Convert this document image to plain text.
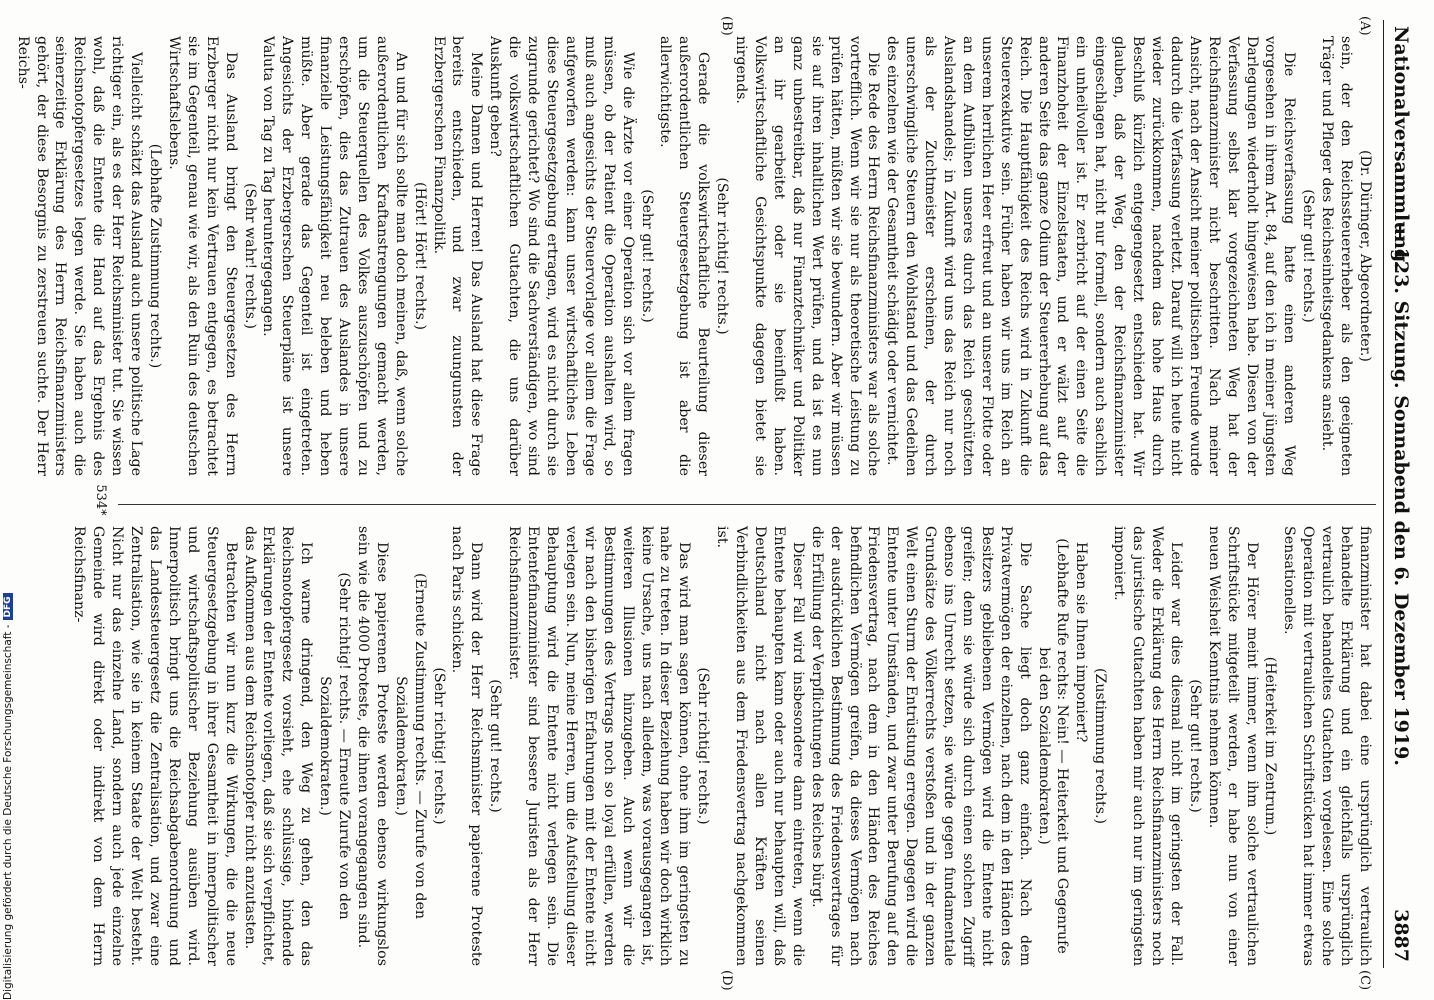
Nationalversammlung.
— 123. Sitzung. Sonnabend den 6. Dezember 1919.
3887
(A)
(B)
(C)
(D)

(Dr. Düringer, Abgeordneter.)

sein, der den Reichssteuererheber als den geeigneten Träger und Pfleger des Reichseinheitsgedankens ansieht.

(Sehr gut! rechts.)

Die Reichsverfassung hatte einen anderen Weg vorgesehen in ihrem Art. 84, auf den ich in meiner jüngsten Darlegungen wiederholt hingewiesen habe. Diesen von der Verfassung selbst klar vorgezeichneten Weg hat der Reichsfinanzminister nicht beschritten. Nach meiner Ansicht, nach der Ansicht meiner politischen Freunde wurde dadurch die Verfassung verletzt. Darauf will ich heute nicht wieder zurückkommen, nachdem das hohe Haus durch Beschluß kürzlich entgegengesetzt entschieden hat. Wir glauben, daß der Weg, den der Reichsfinanzminister eingeschlagen hat, nicht nur formell, sondern auch sachlich ein unheilvoller ist. Er zerbricht auf der einen Seite die Finanzhoheit der Einzelstaaten, und er wälzt auf der anderen Seite das ganze Odium der Steuererhebung auf das Reich. Die Hauptfähigkeit des Reichs wird in Zukunft die Steuerexekutive sein. Früher haben wir uns im Reich an unserem herrlichen Heer erfreut und an unserer Flotte oder an dem Aufblühen unseres durch das Reich geschützten Auslandshandels; in Zukunft wird uns das Reich nur noch als der Zuchtmeister erscheinen, der durch unerschwingliche Steuern den Wohlstand und das Gedeihen des einzelnen wie der Gesamtheit schädigt oder vernichtet.

Die Rede des Herrn Reichsfinanzministers war als solche vortrefflich. Wenn wir sie nur als theoretische Leistung zu prüfen hätten, müßten wir sie bewundern. Aber wir müssen sie auf ihren inhaltlichen Wert prüfen, und da ist es nun ganz unbestreitbar, daß nur Finanztechniker und Politiker an ihr gearbeitet oder sie beeinflußt haben. Volkswirtschaftliche Gesichtspunkte dagegen bietet sie nirgends.

(Sehr richtig! rechts.)

Gerade die volkswirtschaftliche Beurteilung dieser außerordentlichen Steuergesetzgebung ist aber die allerwichtigste.

(Sehr gut! rechts.)

Wie die Ärzte vor einer Operation sich vor allem fragen müssen, ob der Patient die Operation aushalten wird, so muß auch angesichts der Steuervorlage vor allem die Frage aufgeworfen werden: kann unser wirtschaftliches Leben diese Steuergesetzgebung ertragen, wird es nicht durch sie zugrunde gerichtet? Wo sind die Sachverständigen, wo sind die volkswirtschaftlichen Gutachten, die uns darüber Auskunft geben?

Meine Damen und Herren! Das Ausland hat diese Frage bereits entschieden, und zwar zuungunsten der Erzbergerschen Finanzpolitik.

(Hört! Hört! rechts.)

An und für sich sollte man doch meinen, daß, wenn solche außerordentlichen Kraftanstrengungen gemacht werden, um die Steuerquellen des Volkes auszuschöpfen und zu erschöpfen, dies das Zutrauen des Auslandes in unsere finanzielle Leistungsfähigkeit neu beleben und heben müßte. Aber gerade das Gegenteil ist eingetreten. Angesichts der Erzbergerschen Steuerpläne ist unsere Valuta von Tag zu Tag heruntergegangen.

(Sehr wahr! rechts.)

Das Ausland bringt den Steuergesetzen des Herrn Erzberger nicht nur kein Vertrauen entgegen, es betrachtet sie im Gegenteil, genau wie wir, als den Ruin des deutschen Wirtschaftslebens.

(Lebhafte Zustimmung rechts.)

Vielleicht schätzt das Ausland auch unsere politische Lage richtiger ein, als es der Herr Reichsminister tut. Sie wissen wohl, daß die Entente die Hand auf das Ergebnis des Reichsnotopfergesetzes legen werde. Sie haben auch die seinerzeitige Erklärung des Herrn Reichsfinanzministers gehört, der diese Besorgnis zu zerstreuen suchte. Der Herr Reichs-

finanzminister hat dabei eine ursprünglich vertraulich behandelte Erklärung und ein gleichfalls ursprünglich vertraulich behandeltes Gutachten vorgelesen. Eine solche Operation mit vertraulichen Schriftstücken hat immer etwas Sensationelles.

(Heiterkeit im Zentrum.)

Der Hörer meint immer, wenn ihm solche vertraulichen Schriftstücke mitgeteilt werden, er habe nun von einer neuen Weisheit Kenntnis nehmen können.

(Sehr gut! rechts.)

Leider war dies diesmal nicht im geringsten der Fall. Weder die Erklärung des Herrn Reichsfinanzministers noch das juristische Gutachten haben mir auch nur im geringsten imponiert.

(Zustimmung rechts.)

Haben sie Ihnen imponiert?

(Lebhafte Rufe rechts: Nein! — Heiterkeit und Gegenrufe bei den Sozialdemokraten.)

Die Sache liegt doch ganz einfach. Nach dem Privatvermögen der einzelnen, nach dem in den Händen des Besitzers gebliebenen Vermögen wird die Entente nicht greifen; denn sie würde sich durch einen solchen Zugriff ebenso ins Unrecht setzen, sie würde gegen fundamentale Grundsätze des Völkerrechts verstoßen und in der ganzen Welt einen Sturm der Entrüstung erregen. Dagegen wird die Entente unter Umständen, und zwar unter Berufung auf den Friedensvertrag, nach dem in den Händen des Reiches befindlichen Vermögen greifen, da dieses Vermögen nach der ausdrücklichen Bestimmung des Friedensvertrages für die Erfüllung der Verpflichtungen des Reiches bürgt.

Dieser Fall wird insbesondere dann eintreten, wenn die Entente behaupten kann oder auch nur behaupten will, daß Deutschland nicht nach allen Kräften seinen Verbindlichkeiten aus dem Friedensvertrag nachgekommen ist.

(Sehr richtig! rechts.)

Das wird man sagen können, ohne ihm im geringsten zu nahe zu treten. In dieser Beziehung haben wir doch wirklich keine Ursache, uns nach alledem, was vorausgegangen ist, weiteren Illusionen hinzugeben. Auch wenn wir die Bestimmungen des Vertrags noch so loyal erfüllen, werden wir nach den bisherigen Erfahrungen mit der Entente nicht verlegen sein. Nun, meine Herren, um die Aufstellung dieser Behauptung wird die Entente nicht verlegen sein. Die Ententefinanzminister sind bessere Juristen als der Herr Reichsfinanzminister.

(Sehr gut! rechts.)

Dann wird der Herr Reichsminister papierene Proteste nach Paris schicken.

(Sehr richtig! rechts.)

(Erneute Zustimmung rechts. — Zurufe von den Sozialdemokraten.)

Diese papierenen Proteste werden ebenso wirkungslos sein wie die 4000 Proteste, die ihnen vorangegangen sind.

(Sehr richtig! rechts. — Erneute Zurufe von den Sozialdemokraten.)

Ich warne dringend, den Weg zu gehen, den das Reichsnotopfergesetz vorsieht, ehe schlüssige, bindende Erklärungen der Entente vorliegen, daß sie sich verpflichtet, das Aufkommen aus dem Reichsnotopfer nicht anzutasten.

Betrachten wir nun kurz die Wirkungen, die die neue Steuergesetzgebung in ihrer Gesamtheit in innerpolitischer und wirtschaftspolitischer Beziehung ausüben wird. Innerpolitisch bringt uns die Reichsabgabenordnung und das Landessteuergesetz die Zentralisation, und zwar eine Zentralisation, wie sie in keinem Staate der Welt besteht. Nicht nur das einzelne Land, sondern auch jede einzelne Gemeinde wird direkt oder indirekt von dem Herrn Reichsfinanz-

534*
Digitalisierung gefördert durch die Deutsche Forschungsgemeinschaft -DFG
